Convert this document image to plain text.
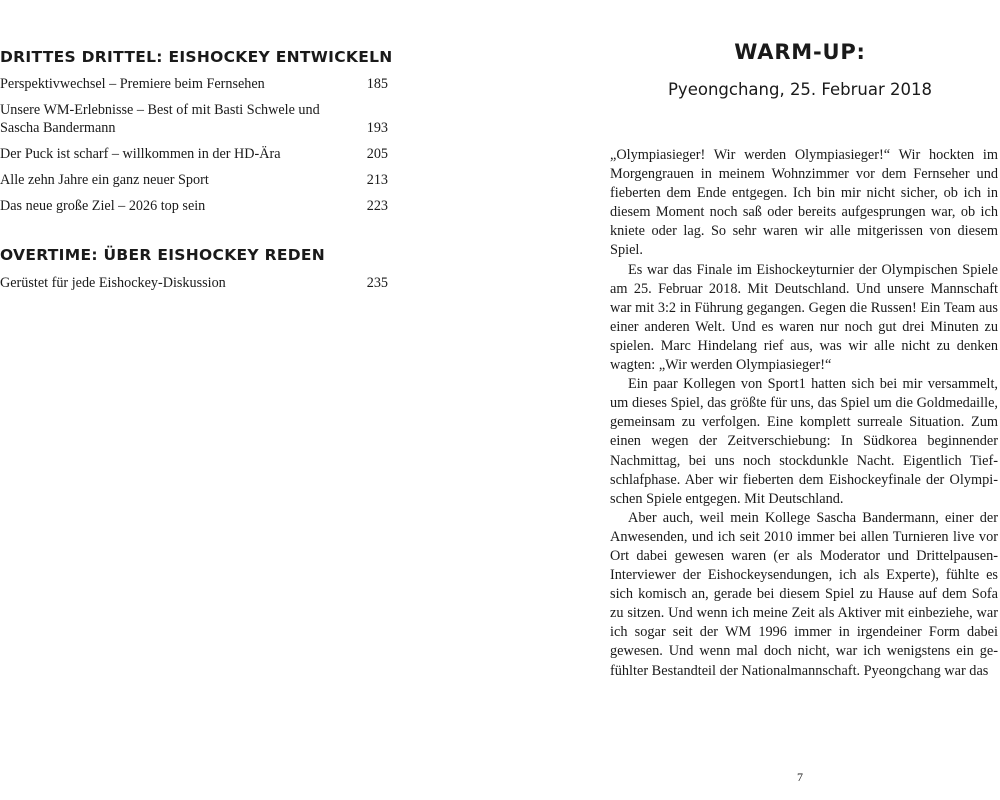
DRITTES DRITTEL: EISHOCKEY ENTWICKELN
Perspektivwechsel – Premiere beim Fernsehen	185
Unsere WM-Erlebnisse – Best of mit Basti Schwele und Sascha Bandermann	193
Der Puck ist scharf – willkommen in der HD-Ära	205
Alle zehn Jahre ein ganz neuer Sport	213
Das neue große Ziel – 2026 top sein	223
OVERTIME: ÜBER EISHOCKEY REDEN
Gerüstet für jede Eishockey-Diskussion	235
WARM-UP:
Pyeongchang, 25. Februar 2018

„Olympiasieger! Wir werden Olympiasieger!“ Wir hockten im Morgengrauen in meinem Wohnzimmer vor dem Fernseher und fieberten dem Ende entgegen. Ich bin mir nicht sicher, ob ich in diesem Moment noch saß oder bereits aufgesprungen war, ob ich kniete oder lag. So sehr waren wir alle mitgerissen von diesem Spiel.

Es war das Finale im Eishockeyturnier der Olympischen Spiele am 25. Februar 2018. Mit Deutschland. Und unsere Mannschaft war mit 3:2 in Führung gegangen. Gegen die Russen! Ein Team aus einer anderen Welt. Und es waren nur noch gut drei Minuten zu spielen. Marc Hindelang rief aus, was wir alle nicht zu denken wagten: „Wir werden Olympiasieger!“

Ein paar Kollegen von Sport1 hatten sich bei mir versammelt, um dieses Spiel, das größte für uns, das Spiel um die Goldmedaille, gemeinsam zu verfolgen. Eine komplett surreale Situation. Zum einen wegen der Zeitverschiebung: In Südkorea beginnender Nachmittag, bei uns noch stockdunkle Nacht. Eigentlich Tiefschlafphase. Aber wir fieberten dem Eishockeyfinale der Olympischen Spiele entgegen. Mit Deutschland.

Aber auch, weil mein Kollege Sascha Bandermann, einer der Anwesenden, und ich seit 2010 immer bei allen Turnieren live vor Ort dabei gewesen waren (er als Moderator und Drittelpausen-Interviewer der Eishockeysendungen, ich als Experte), fühlte es sich komisch an, gerade bei diesem Spiel zu Hause auf dem Sofa zu sitzen. Und wenn ich meine Zeit als Aktiver mit einbeziehe, war ich sogar seit der WM 1996 immer in irgendeiner Form dabei gewesen. Und wenn mal doch nicht, war ich wenigstens ein gefühlter Bestandteil der Nationalmannschaft. Pyeongchang war das

7
